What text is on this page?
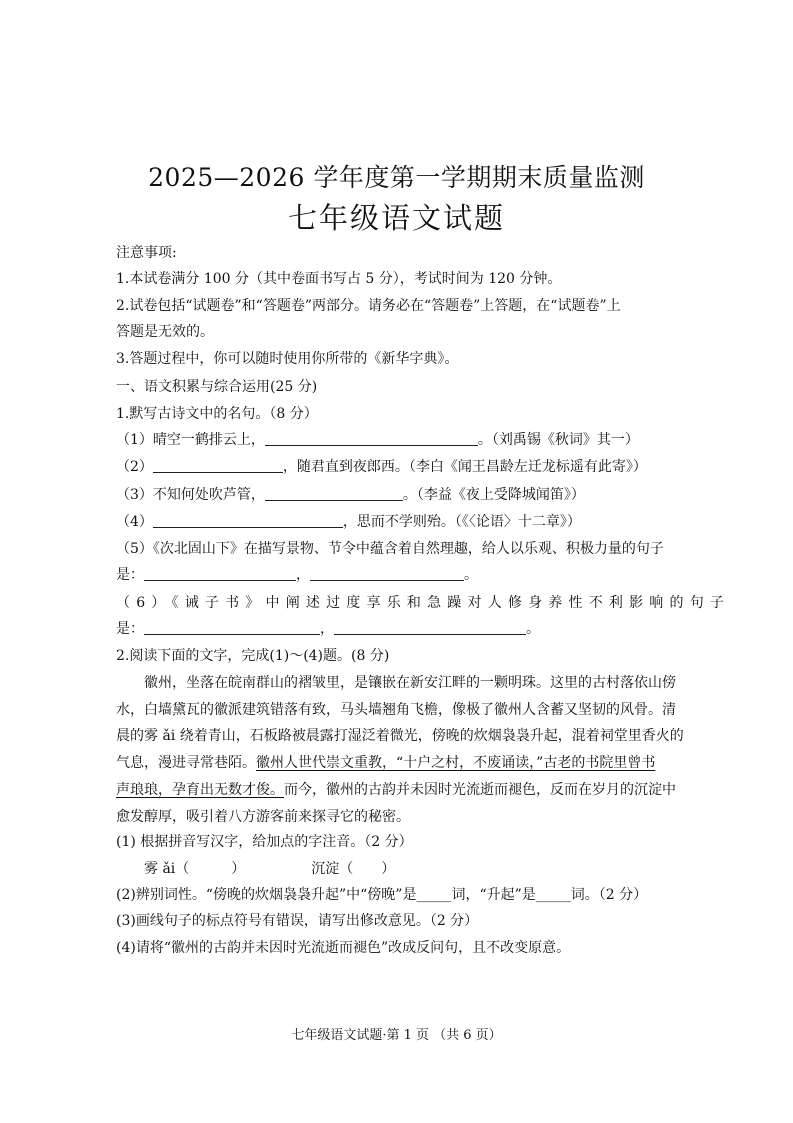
2025—2026 学年度第一学期期末质量监测
七年级语文试题
注意事项:
1.本试卷满分 100 分（其中卷面书写占 5 分），考试时间为 120 分钟。
2.试卷包括“试题卷”和“答题卷”两部分。请务必在“答题卷”上答题，在“试题卷”上
答题是无效的。
3.答题过程中，你可以随时使用你所带的《新华字典》。
一、语文积累与综合运用(25 分)
1.默写古诗文中的名句。（8 分）
（1）晴空一鹤排云上，	。（刘禹锡《秋词》其一）
（2）	，随君直到夜郎西。（李白《闻王昌龄左迁龙标遥有此寄》）
（3）不知何处吹芦管，	。（李益《夜上受降城闻笛》）
（4）	，思而不学则殆。（《〈论语〉十二章》）
（5）《次北固山下》在描写景物、节令中蕴含着自然理趣，给人以乐观、积极力量的句子
是：	，	。
（6）《诫子书》中阐述过度享乐和急躁对人修身养性不利影响的句子
是：	，	。
2.阅读下面的文字，完成(1)～(4)题。(8 分)
徽州，坐落在皖南群山的褶皱里，是镶嵌在新安江畔的一颗明珠。这里的古村落依山傍
水，白墙黛瓦的徽派建筑错落有致，马头墙翘角飞檐，像极了徽州人含蓄又坚韧的风骨。清
晨的雾 ǎi 绕着青山，石板路被晨露打湿泛着微光，傍晚的炊烟袅袅升起，混着祠堂里香火的
气息，漫进寻常巷陌。徽州人世代崇文重教，“十户之村，不废诵读，”古老的书院里曾书
声琅琅，孕育出无数才俊。而今，徽州的古韵并未因时光流逝而褪色，反而在岁月的沉淀中
愈发醇厚，吸引着八方游客前来探寻它的秘密。
(1) 根据拼音写汉字，给加点的字注音。（2 分）
雾 ǎi（　　　）	沉淀（　　）
(2)辨别词性。“傍晚的炊烟袅袅升起”中“傍晚”是_____词，“升起”是_____词。（2 分）
(3)画线句子的标点符号有错误，请写出修改意见。（2 分）
(4)请将“徽州的古韵并未因时光流逝而褪色”改成反问句，且不改变原意。
七年级语文试题·第 1 页 （共 6 页）
